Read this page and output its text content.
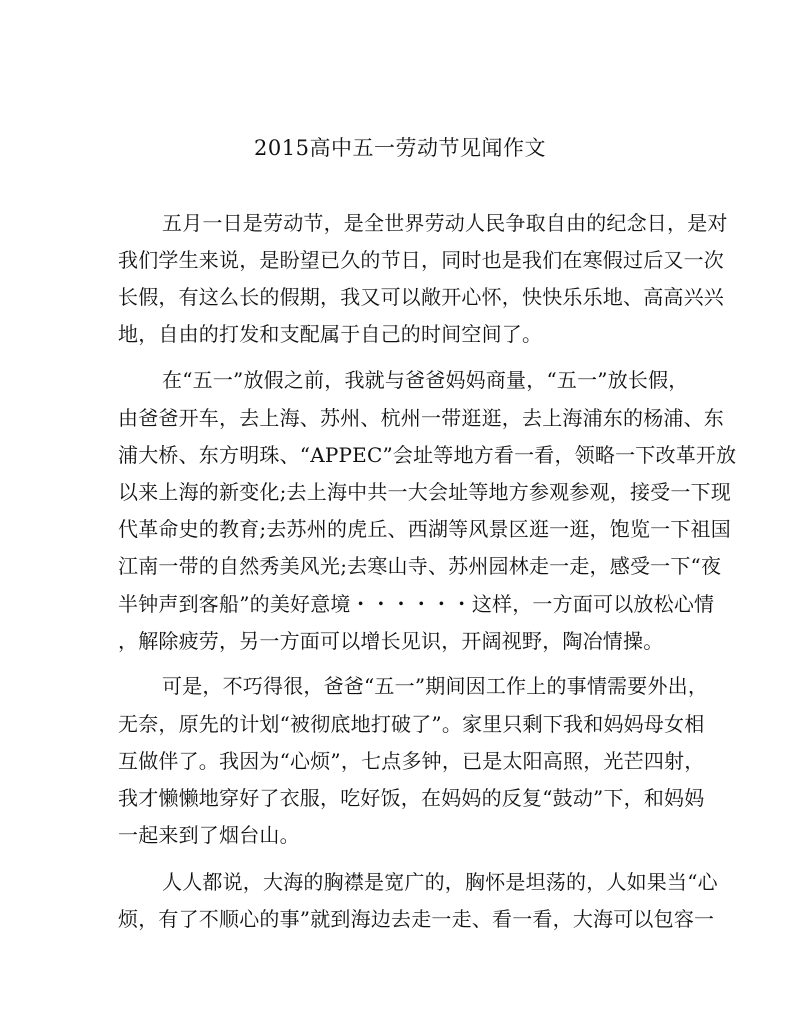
2015高中五一劳动节见闻作文
五月一日是劳动节，是全世界劳动人民争取自由的纪念日，是对
我们学生来说，是盼望已久的节日，同时也是我们在寒假过后又一次
长假，有这么长的假期，我又可以敞开心怀，快快乐乐地、高高兴兴
地，自由的打发和支配属于自己的时间空间了。
在“五一”放假之前，我就与爸爸妈妈商量，“五一”放长假，
由爸爸开车，去上海、苏州、杭州一带逛逛，去上海浦东的杨浦、东
浦大桥、东方明珠、“APPEC”会址等地方看一看，领略一下改革开放
以来上海的新变化;去上海中共一大会址等地方参观参观，接受一下现
代革命史的教育;去苏州的虎丘、西湖等风景区逛一逛，饱览一下祖国
江南一带的自然秀美风光;去寒山寺、苏州园林走一走，感受一下“夜
半钟声到客船”的美好意境・・・・・・这样，一方面可以放松心情
，解除疲劳，另一方面可以增长见识，开阔视野，陶冶情操。
可是，不巧得很，爸爸“五一”期间因工作上的事情需要外出，
无奈，原先的计划“被彻底地打破了”。家里只剩下我和妈妈母女相
互做伴了。我因为“心烦”，七点多钟，已是太阳高照，光芒四射，
我才懒懒地穿好了衣服，吃好饭，在妈妈的反复“鼓动”下，和妈妈
一起来到了烟台山。
人人都说，大海的胸襟是宽广的，胸怀是坦荡的，人如果当“心
烦，有了不顺心的事”就到海边去走一走、看一看，大海可以包容一
